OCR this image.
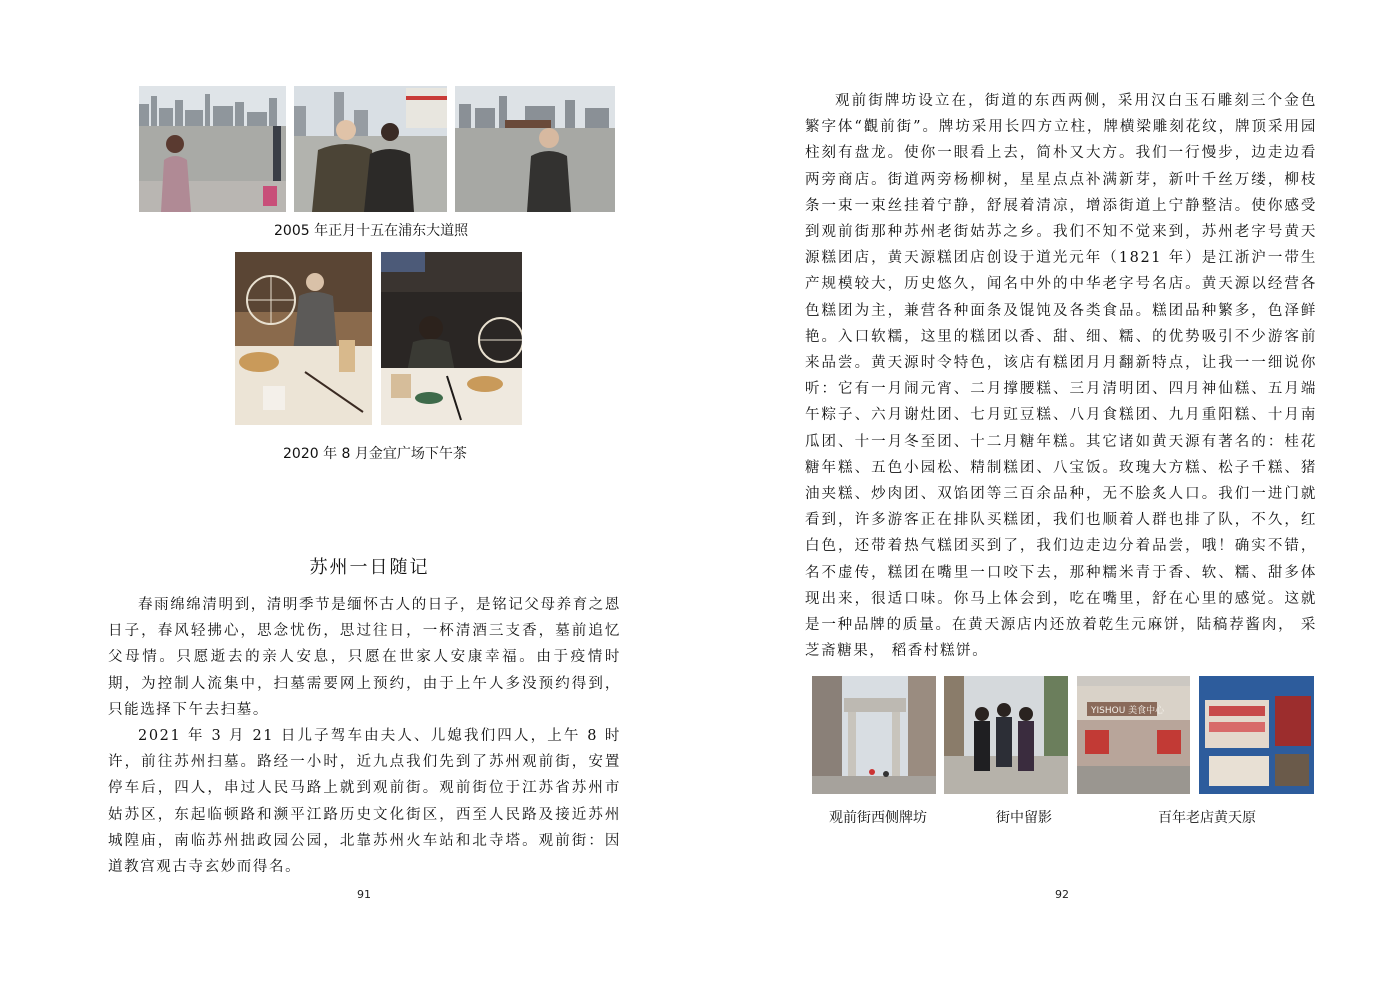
2005 年正月十五在浦东大道照
2020 年 8 月金宜广场下午茶
苏州一日随记

春雨绵绵清明到，清明季节是缅怀古人的日子，是铭记父母养育之恩日子，春风轻拂心，思念忧伤，思过往日，一杯清酒三支香，墓前追忆父母情。只愿逝去的亲人安息，只愿在世家人安康幸福。由于疫情时期，为控制人流集中，扫墓需要网上预约，由于上午人多没预约得到，只能选择下午去扫墓。

2021 年 3 月 21 日儿子驾车由夫人、儿媳我们四人，上午 8 时许，前往苏州扫墓。路经一小时，近九点我们先到了苏州观前街，安置停车后，四人，串过人民马路上就到观前街。观前街位于江苏省苏州市姑苏区，东起临顿路和濒平江路历史文化街区，西至人民路及接近苏州城隍庙，南临苏州拙政园公园，北靠苏州火车站和北寺塔。观前街：因道教宫观古寺玄妙而得名。

91

观前街牌坊设立在，街道的东西两侧，采用汉白玉石雕刻三个金色繁字体“觀前街”。牌坊采用长四方立柱，牌横梁雕刻花纹，牌顶采用园柱刻有盘龙。使你一眼看上去，简朴又大方。我们一行慢步，边走边看两旁商店。街道两旁杨柳树，星星点点补满新芽，新叶千丝万缕，柳枝条一束一束丝挂着宁静，舒展着清凉，增添街道上宁静整洁。使你感受到观前街那种苏州老街姑苏之乡。我们不知不觉来到，苏州老字号黄天源糕团店，黄天源糕团店创设于道光元年（1821 年）是江浙沪一带生产规模较大，历史悠久，闻名中外的中华老字号名店。黄天源以经营各色糕团为主，兼营各种面条及馄饨及各类食品。糕团品种繁多，色泽鲜艳。入口软糯，这里的糕团以香、甜、细、糯、的优势吸引不少游客前来品尝。黄天源时令特色，该店有糕团月月翻新特点，让我一一细说你听：它有一月闹元宵、二月撑腰糕、三月清明团、四月神仙糕、五月端午粽子、六月谢灶团、七月豇豆糕、八月食糕团、九月重阳糕、十月南瓜团、十一月冬至团、十二月糖年糕。其它诸如黄天源有著名的：桂花糖年糕、五色小园松、精制糕团、八宝饭。玫瑰大方糕、松子千糕、猪油夹糕、炒肉团、双馅团等三百余品种，无不脍炙人口。我们一进门就看到，许多游客正在排队买糕团，我们也顺着人群也排了队，不久，红白色，还带着热气糕团买到了，我们边走边分着品尝，哦！确实不错，名不虚传，糕团在嘴里一口咬下去，那种糯米青于香、软、糯、甜多体现出来，很适口味。你马上体会到，吃在嘴里，舒在心里的感觉。这就是一种品牌的质量。在黄天源店内还放着乾生元麻饼，陆稿荐酱肉， 采芝斋糖果， 稻香村糕饼。

YISHOU 美食中心
观前街西侧牌坊	街中留影	百年老店黄天原
92
